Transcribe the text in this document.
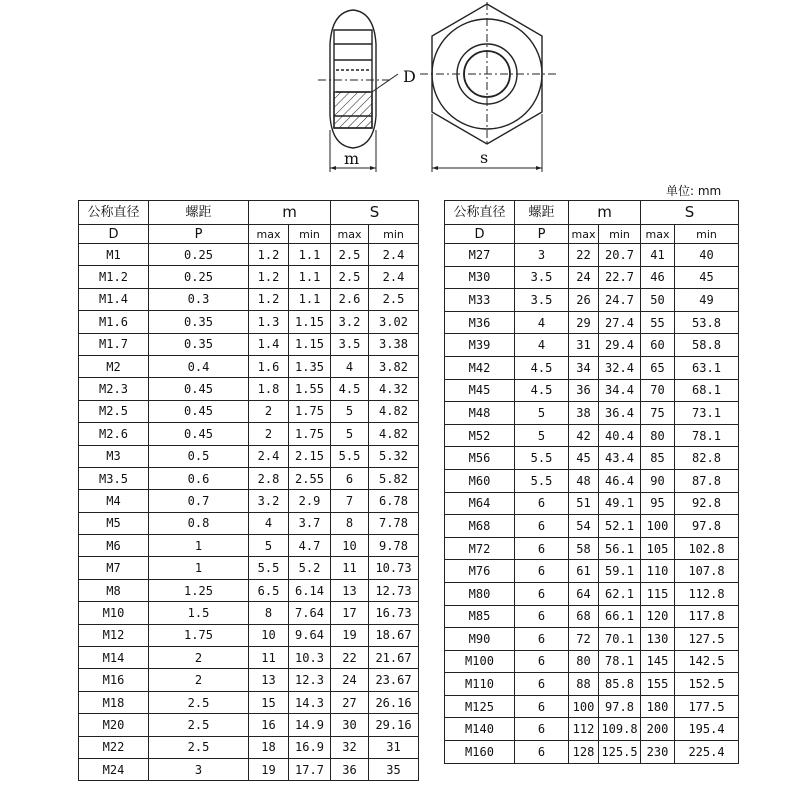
D
m	s
单位: mm
公称直径	螺距	m		S	
D	P	max	min	max	min
M1	0.25	1.2	1.1	2.5	2.4
M1.2	0.25	1.2	1.1	2.5	2.4
M1.4	0.3	1.2	1.1	2.6	2.5
M1.6	0.35	1.3	1.15	3.2	3.02
M1.7	0.35	1.4	1.15	3.5	3.38
M2	0.4	1.6	1.35	4	3.82
M2.3	0.45	1.8	1.55	4.5	4.32
M2.5	0.45	2	1.75	5	4.82
M2.6	0.45	2	1.75	5	4.82
M3	0.5	2.4	2.15	5.5	5.32
M3.5	0.6	2.8	2.55	6	5.82
M4	0.7	3.2	2.9	7	6.78
M5	0.8	4	3.7	8	7.78
M6	1	5	4.7	10	9.78
M7	1	5.5	5.2	11	10.73
M8	1.25	6.5	6.14	13	12.73
M10	1.5	8	7.64	17	16.73
M12	1.75	10	9.64	19	18.67
M14	2	11	10.3	22	21.67
M16	2	13	12.3	24	23.67
M18	2.5	15	14.3	27	26.16
M20	2.5	16	14.9	30	29.16
M22	2.5	18	16.9	32	31
M24	3	19	17.7	36	35
公称直径	螺距	m		S	
D	P	max	min	max	min
M27	3	22	20.7	41	40
M30	3.5	24	22.7	46	45
M33	3.5	26	24.7	50	49
M36	4	29	27.4	55	53.8
M39	4	31	29.4	60	58.8
M42	4.5	34	32.4	65	63.1
M45	4.5	36	34.4	70	68.1
M48	5	38	36.4	75	73.1
M52	5	42	40.4	80	78.1
M56	5.5	45	43.4	85	82.8
M60	5.5	48	46.4	90	87.8
M64	6	51	49.1	95	92.8
M68	6	54	52.1	100	97.8
M72	6	58	56.1	105	102.8
M76	6	61	59.1	110	107.8
M80	6	64	62.1	115	112.8
M85	6	68	66.1	120	117.8
M90	6	72	70.1	130	127.5
M100	6	80	78.1	145	142.5
M110	6	88	85.8	155	152.5
M125	6	100	97.8	180	177.5
M140	6	112	109.8	200	195.4
M160	6	128	125.5	230	225.4
